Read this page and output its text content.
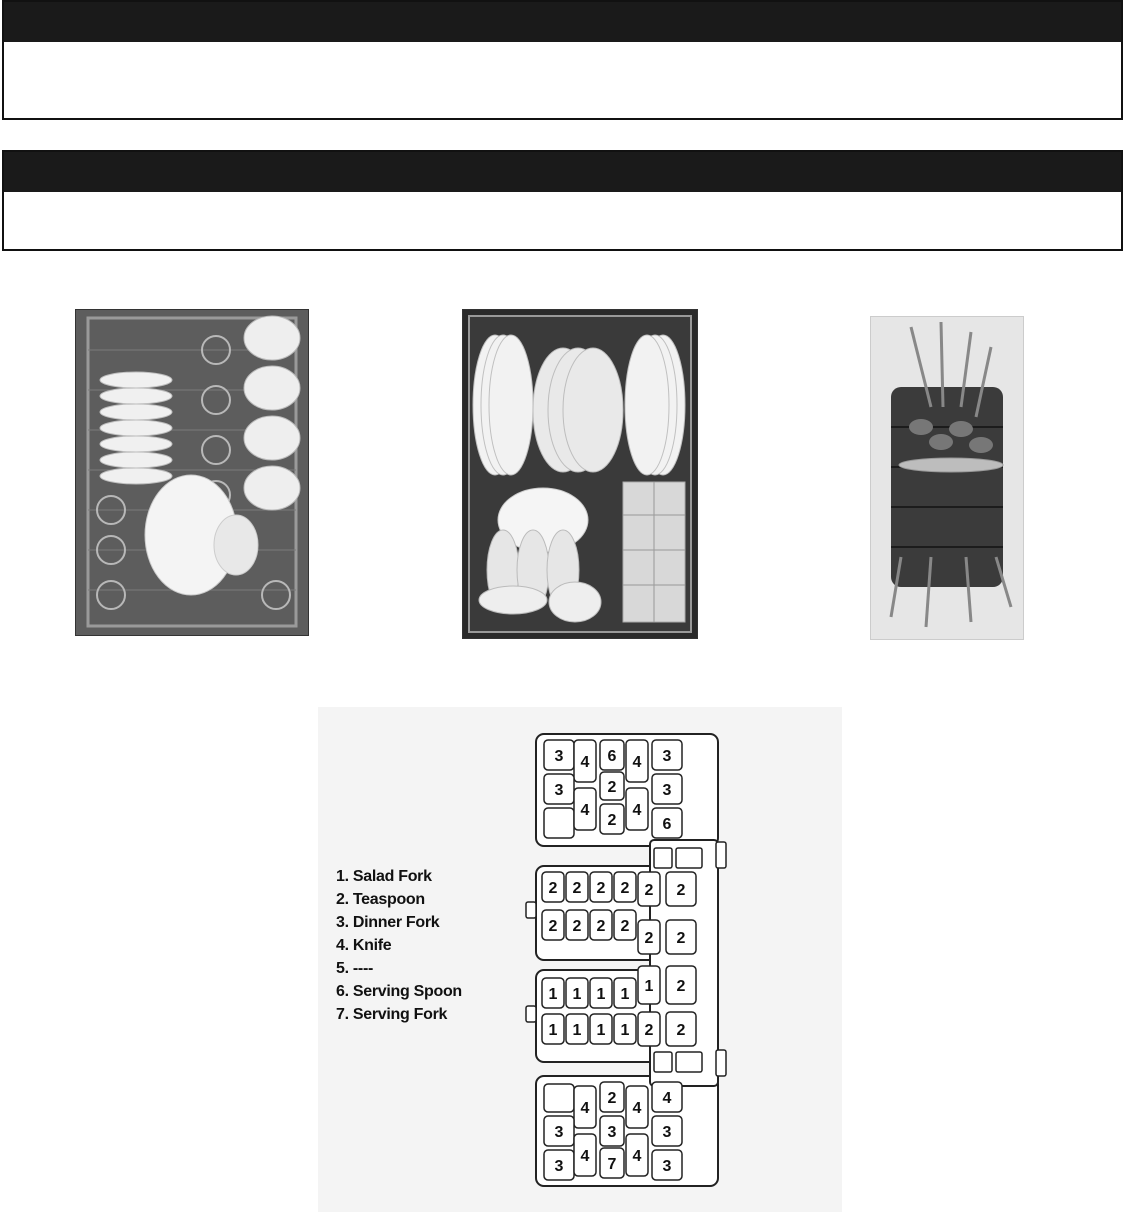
1. Salad Fork
2. Teaspoon
3. Dinner Fork
4. Knife
5. ----
6. Serving Spoon
7. Serving Fork
3 4 6 4 3
3	2	3
4
2
4
6
2 2 2 2 2 2
2 2 2 2
2 2
1 1 1 1 1 2
1 1 1 1 2 2
4
2
4
4
3	3	3
3
4 7 4
3
